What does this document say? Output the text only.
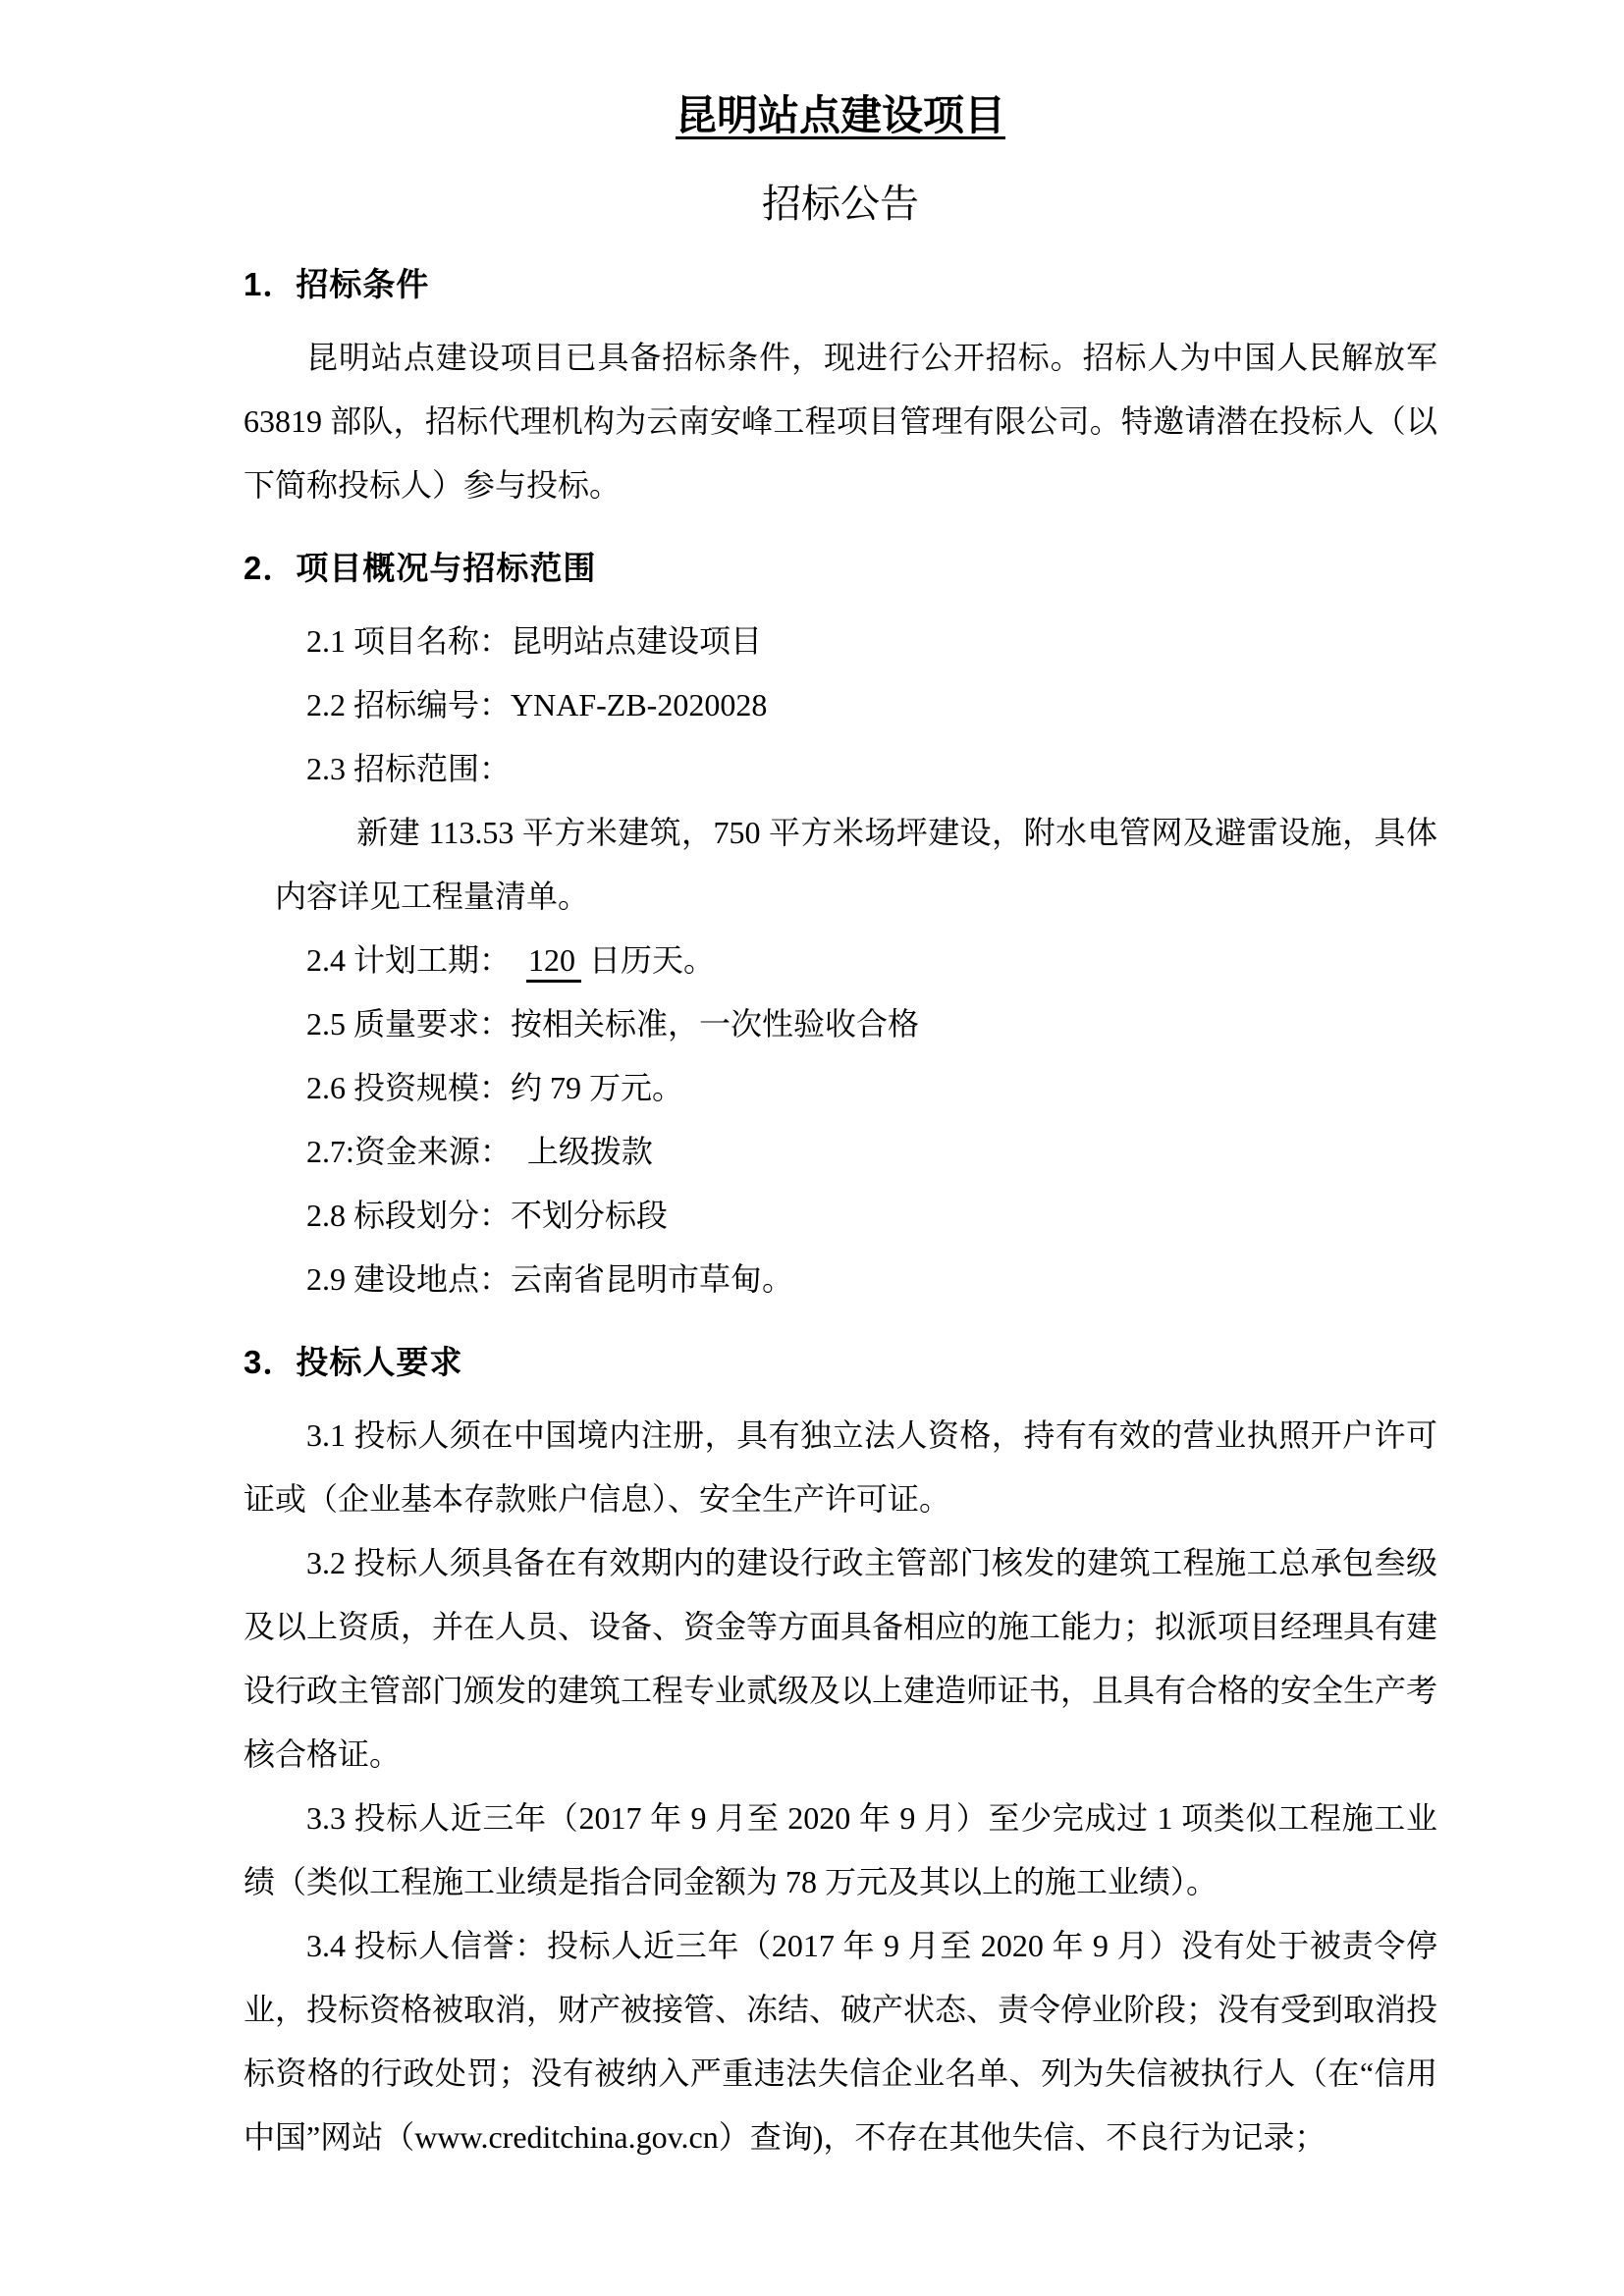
昆明站点建设项目
招标公告
1．招标条件

昆明站点建设项目已具备招标条件，现进行公开招标。招标人为中国人民解放军 63819 部队，招标代理机构为云南安峰工程项目管理有限公司。特邀请潜在投标人（以下简称投标人）参与投标。

2．项目概况与招标范围

2.1 项目名称：昆明站点建设项目

2.2 招标编号：YNAF-ZB-2020028

2.3 招标范围：

新建 113.53 平方米建筑，750 平方米场坪建设，附水电管网及避雷设施，具体内容详见工程量清单。

2.4 计划工期：　120 日历天。

2.5 质量要求：按相关标准，一次性验收合格

2.6 投资规模：约 79 万元。

2.7:资金来源：　上级拨款

2.8 标段划分：不划分标段

2.9 建设地点：云南省昆明市草甸。

3．投标人要求

3.1 投标人须在中国境内注册，具有独立法人资格，持有有效的营业执照开户许可证或（企业基本存款账户信息）、安全生产许可证。

3.2 投标人须具备在有效期内的建设行政主管部门核发的建筑工程施工总承包叁级及以上资质，并在人员、设备、资金等方面具备相应的施工能力；拟派项目经理具有建设行政主管部门颁发的建筑工程专业贰级及以上建造师证书，且具有合格的安全生产考核合格证。

3.3 投标人近三年（2017 年 9 月至 2020 年 9 月）至少完成过 1 项类似工程施工业绩（类似工程施工业绩是指合同金额为 78 万元及其以上的施工业绩）。

3.4 投标人信誉：投标人近三年（2017 年 9 月至 2020 年 9 月）没有处于被责令停业，投标资格被取消，财产被接管、冻结、破产状态、责令停业阶段；没有受到取消投标资格的行政处罚；没有被纳入严重违法失信企业名单、列为失信被执行人（在“信用中国”网站（www.creditchina.gov.cn）查询)，不存在其他失信、不良行为记录；
